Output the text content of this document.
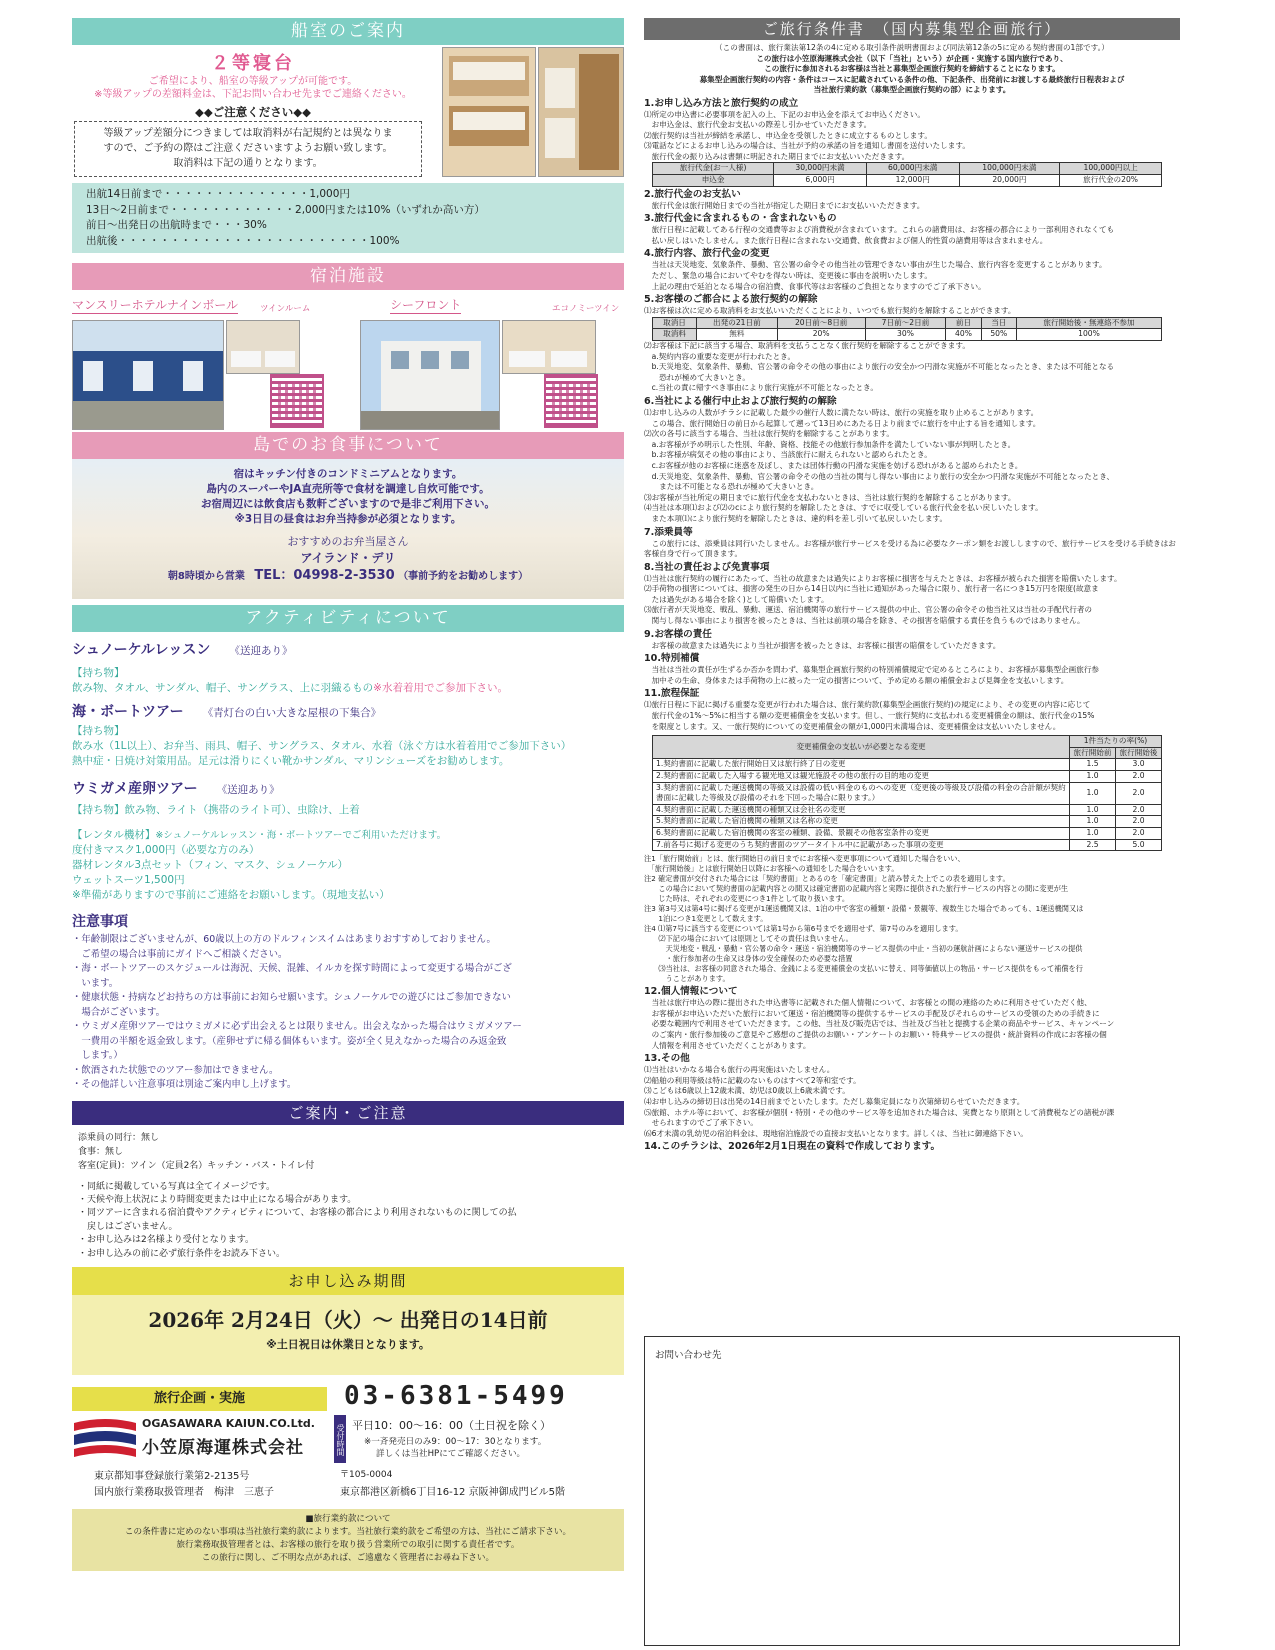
船室のご案内
２等寝台
ご希望により、船室の等級アップが可能です。
※等級アップの差額料金は、下記お問い合わせ先までご連絡ください。
◆◆ご注意ください◆◆
等級アップ差額分につきましては取消料が右記規約とは異なりま
すので、ご予約の際はご注意くださいますようお願い致します。
取消料は下記の通りとなります。
出航14日前まで・・・・・・・・・・・・・・1,000円
13日～2日前まで・・・・・・・・・・・・2,000円または10%（いずれか高い方）
前日～出発日の出航時まで・・・30%
出航後・・・・・・・・・・・・・・・・・・・・・・・・100%
宿泊施設
マンスリーホテルナインボール	ツインルーム	シーフロント	エコノミーツイン
島でのお食事について
宿はキッチン付きのコンドミニアムとなります。
島内のスーパーやJA直売所等で食材を調達し自炊可能です。
お宿周辺には飲食店も数軒ございますので是非ご利用下さい。
※3日目の昼食はお弁当持参が必須となります。
おすすめのお弁当屋さん
アイランド・デリ
朝8時頃から営業 TEL：04998-2-3530 （事前予約をお勧めします）
アクティビティについて
シュノーケルレッスン 《送迎あり》
【持ち物】
飲み物、タオル、サンダル、帽子、サングラス、上に羽織るもの※水着着用でご参加下さい。
海・ボートツアー 《青灯台の白い大きな屋根の下集合》
【持ち物】
飲み水（1L以上）、お弁当、雨具、帽子、サングラス、タオル、水着（泳ぐ方は水着着用でご参加下さい）
熱中症・日焼け対策用品。足元は滑りにくい靴かサンダル、マリンシューズをお勧めします。
ウミガメ産卵ツアー 《送迎あり》
【持ち物】飲み物、ライト（携帯のライト可）、虫除け、上着
【レンタル機材】※シュノーケルレッスン・海・ボートツアーでご利用いただけます。
度付きマスク1,000円（必要な方のみ）
器材レンタル3点セット（フィン、マスク、シュノーケル）
ウェットスーツ1,500円
※準備がありますので事前にご連絡をお願いします。（現地支払い）
注意事項
・年齢制限はございませんが、60歳以上の方のドルフィンスイムはあまりおすすめしておりません。
　ご希望の場合は事前にガイドへご相談ください。
・海・ボートツアーのスケジュールは海況、天候、混雑、イルカを探す時間によって変更する場合がござ
　います。
・健康状態・持病などお持ちの方は事前にお知らせ願います。シュノーケルでの遊びにはご参加できない
　場合がございます。
・ウミガメ産卵ツアーではウミガメに必ず出会えるとは限りません。出会えなかった場合はウミガメツアー
　一費用の半額を返金致します。（産卵せずに帰る個体もいます。姿が全く見えなかった場合のみ返金致
　します。）
・飲酒された状態でのツアー参加はできません。
・その他詳しい注意事項は別途ご案内申し上げます。
ご案内・ご注意
添乗員の同行：無し
食事：無し
客室(定員)：ツイン（定員2名）キッチン・バス・トイレ付
・同紙に掲載している写真は全てイメージです。
・天候や海上状況により時間変更または中止になる場合があります。
・同ツアーに含まれる宿泊費やアクティビティについて、お客様の都合により利用されないものに関しての払
　戻しはございません。
・お申し込みは2名様より受付となります。
・お申し込みの前に必ず旅行条件をお読み下さい。
お申し込み期間
2026年 2月24日（火）～ 出発日の14日前
※土日祝日は休業日となります。
旅行企画・実施	03-6381-5499
OGASAWARA KAIUN.CO.Ltd.
小笠原海運株式会社	受付時間 平日10：00～16：00（土日祝を除く）
※一斉発売日のみ9：00～17：30となります。
詳しくは当社HPにてご確認ください。
東京都知事登録旅行業第2-2135号
国内旅行業務取扱管理者　梅津　三恵子
〒105-0004
東京都港区新橋6丁目16-12 京阪神御成門ビル5階
■旅行業約款について
この条件書に定めのない事項は当社旅行業約款によります。当社旅行業約款をご希望の方は、当社にご請求下さい。
旅行業務取扱管理者とは、お客様の旅行を取り扱う営業所での取引に関する責任者です。
この旅行に関し、ご不明な点があれば、ご遠慮なく管理者にお尋ね下さい。
ご旅行条件書　（国内募集型企画旅行）
（この書面は、旅行業法第12条の4に定める取引条件説明書面および同法第12条の5に定める契約書面の1部です。）
この旅行は小笠原海運株式会社（以下「当社」という）が企画・実施する国内旅行であり、
この旅行に参加されるお客様は当社と募集型企画旅行契約を締結することになります。
募集型企画旅行契約の内容・条件はコースに記載されている条件の他、下記条件、出発前にお渡しする最終旅行日程表および
当社旅行業約款（募集型企画旅行契約の部）によります。
1.お申し込み方法と旅行契約の成立
⑴所定の申込書に必要事項を記入の上、下記のお申込金を添えてお申込ください。
　お申込金は、旅行代金お支払いの際差し引かせていただきます。
⑵旅行契約は当社が締結を承諾し、申込金を受領したときに成立するものとします。
⑶電話などによるお申し込みの場合は、当社が予約の承諾の旨を通知し書面を送付いたします。
　旅行代金の振り込みは書類に明記された期日までにお支払いいただきます。
旅行代金(お一人様)	30,000円未満	60,000円未満	100,000円未満	100,000円以上
申込金	6,000円	12,000円	20,000円	旅行代金の20%
2.旅行代金のお支払い
　旅行代金は旅行開始日までの当社が指定した期日までにお支払いいただきます。
3.旅行代金に含まれるもの・含まれないもの
　旅行日程に記載してある行程の交通費等および消費税が含まれています。これらの諸費用は、お客様の都合により一部利用されなくても
　払い戻しはいたしません。また旅行日程に含まれない交通費、飲食費および個人的性質の諸費用等は含まれません。
4.旅行内容、旅行代金の変更
　当社は天災地変、気象条件、暴動、官公署の命令その他当社の管理できない事由が生じた場合、旅行内容を変更することがあります。
　ただし、緊急の場合においてやむを得ない時は、変更後に事由を説明いたします。
　上記の理由で延泊となる場合の宿泊費、食事代等はお客様のご負担となりますのでご了承下さい。
5.お客様のご都合による旅行契約の解除
⑴お客様は次に定める取消料をお支払いいただくことにより、いつでも旅行契約を解除することができます。
取消日	出発の21日前	20日前～8日前	7日前～2日前	前日	当日	旅行開始後・無連絡不参加
取消料	無料	20%	30%	40%	50%	100%
⑵お客様は下記に該当する場合、取消料を支払うことなく旅行契約を解除することができます。
　a.契約内容の重要な変更が行われたとき。
　b.天災地変、気象条件、暴動、官公署の命令その他の事由により旅行の安全かつ円滑な実施が不可能となったとき、または不可能となる
　　恐れが極めて大きいとき。
　c.当社の責に帰すべき事由により旅行実施が不可能となったとき。
6.当社による催行中止および旅行契約の解除
⑴お申し込みの人数がチラシに記載した最少の催行人数に満たない時は、旅行の実施を取り止めることがあります。
　この場合、旅行開始日の前日から起算して遡って13日めにあたる日より前までに旅行を中止する旨を通知します。
⑵次の各号に該当する場合、当社は旅行契約を解除することがあります。
　a.お客様が予め明示した性別、年齢、資格、技能その他旅行参加条件を満たしていない事が判明したとき。
　b.お客様が病気その他の事由により、当該旅行に耐えられないと認められたとき。
　c.お客様が他のお客様に迷惑を及ぼし、または団体行動の円滑な実施を妨げる恐れがあると認められたとき。
　d.天災地変、気象条件、暴動、官公署の命令その他の当社の関与し得ない事由により旅行の安全かつ円滑な実施が不可能となったとき、
　　または不可能となる恐れが極めて大きいとき。
⑶お客様が当社所定の期日までに旅行代金を支払わないときは、当社は旅行契約を解除することがあります。
⑷当社は本項⑴および⑵のcにより旅行契約を解除したときは、すでに収受している旅行代金を払い戻しいたします。
　また本項⑴により旅行契約を解除したときは、違約料を差し引いて払戻しいたします。
7.添乗員等
　この旅行には、添乗員は同行いたしません。お客様が旅行サービスを受ける為に必要なクーポン類をお渡ししますので、旅行サービスを受ける手続きはお客様自身で行って頂きます。
8.当社の責任および免責事項
⑴当社は旅行契約の履行にあたって、当社の故意または過失によりお客様に損害を与えたときは、お客様が被られた損害を賠償いたします。
⑵手荷物の損害については、損害の発生の日から14日以内に当社に通知があった場合に限り、旅行者一名につき15万円を限度(故意ま
　たは過失がある場合を除く)として賠償いたします。
⑶旅行者が天災地変、戦乱、暴動、運送、宿泊機関等の旅行サービス提供の中止、官公署の命令その他当社又は当社の手配代行者の
　関与し得ない事由により損害を被ったときは、当社は前項の場合を除き、その損害を賠償する責任を負うものではありません。
9.お客様の責任
　お客様の故意または過失により当社が損害を被ったときは、お客様に損害の賠償をしていただきます。
10.特別補償
　当社は当社の責任が生ずるか否かを問わず、募集型企画旅行契約の特別補償規定で定めるところにより、お客様が募集型企画旅行参
　加中その生命、身体または手荷物の上に被った一定の損害について、予め定める額の補償金および見舞金を支払いします。
11.旅程保証
⑴旅行日程に下記に掲げる重要な変更が行われた場合は、旅行業約款(募集型企画旅行契約)の規定により、その変更の内容に応じて
　旅行代金の1%～5%に相当する額の変更補償金を支払います。但し、一旅行契約に支払われる変更補償金の額は、旅行代金の15%
　を限度とします。又、一旅行契約についての変更補償金の額が1,000円未満場合は、変更補償金は支払いいたしません。
変更補償金の支払いが必要となる変更	1件当たりの率(%)	
	旅行開始前	旅行開始後
1.契約書面に記載した旅行開始日又は旅行終了日の変更	1.5	3.0
2.契約書面に記載した入場する観光地又は観光施設その他の旅行の目的地の変更	1.0	2.0
3.契約書面に記載した運送機関の等級又は設備の低い料金のものへの変更（変更後の等級及び設備の料金の合計額が契約書面に記載した等級及び設備のそれを下回った場合に限ります。）	1.0	2.0
4.契約書面に記載した運送機関の種類又は会社名の変更	1.0	2.0
5.契約書面に記載した宿泊機関の種類又は名称の変更	1.0	2.0
6.契約書面に記載した宿泊機関の客室の種類、設備、景観その他客室条件の変更	1.0	2.0
7.前各号に掲げる変更のうち契約書面のツアータイトル中に記載があった事項の変更	2.5	5.0
注1「旅行開始前」とは、旅行開始日の前日までにお客様へ変更事項について通知した場合をいい、
　「旅行開始後」とは旅行開始日以降にお客様への通知をした場合をいいます。
注2 確定書面が交付された場合には「契約書面」とあるのを「確定書面」と読み替えた上でこの表を適用します。
　　この場合において契約書面の記載内容との間又は確定書面の記載内容と実際に提供された旅行サービスの内容との間に変更が生
　　じた時は、それぞれの変更につき1件として取り扱います。
注3 第3号又は第4号に掲げる変更が1運送機関又は、1泊の中で客室の種類・設備・景観等、複数生じた場合であっても、1運送機関又は
　　1泊につき1変更として数えます。
注4 ⑴第7号に該当する変更については第1号から第6号までを適用せず、第7号のみを適用します。
　　⑵下記の場合においては原則としてその責任は負いません。
　　　天災地変・戦乱・暴動・官公署の命令・運送・宿泊機関等のサービス提供の中止・当初の運航計画によらない運送サービスの提供
　　　・旅行参加者の生命又は身体の安全確保のため必要な措置
　　⑶当社は、お客様の同意された場合、金銭による変更補償金の支払いに替え、同等価値以上の物品・サービス提供をもって補償を行
　　　うことがあります。
12.個人情報について
　当社は旅行申込の際に提出された申込書等に記載された個人情報について、お客様との間の連絡のために利用させていただく他、
　お客様がお申込いただいた旅行において運送・宿泊機関等の提供するサービスの手配及びそれらのサービスの受領のための手続きに
　必要な範囲内で利用させていただきます。この他、当社及び販売店では、当社及び当社と提携する企業の商品やサービス、キャンペーン
　のご案内・旅行参加後のご意見やご感想のご提供のお願い・アンケートのお願い・特典サービスの提供・統計資料の作成にお客様の個
　人情報を利用させていただくことがあります。
13.その他
⑴当社はいかなる場合も旅行の再実施はいたしません。
⑵船舶の利用等級は特に記載のないものはすべて2等和室です。
⑶こどもは6歳以上12歳未満、幼児は0歳以上6歳未満です。
⑷お申し込みの締切日は出発の14日前までといたします。ただし募集定員になり次第締切らせていただきます。
⑸旅館、ホテル等において、お客様が個別・特別・その他のサービス等を追加された場合は、実費となり原則として消費税などの諸税が課
　せられますのでご了承下さい。
⑹6才未満の乳幼児の宿泊料金は、現地宿泊施設での直接お支払いとなります。詳しくは、当社に御連絡下さい。
14.このチラシは、2026年2月1日現在の資料で作成しております。
お問い合わせ先
